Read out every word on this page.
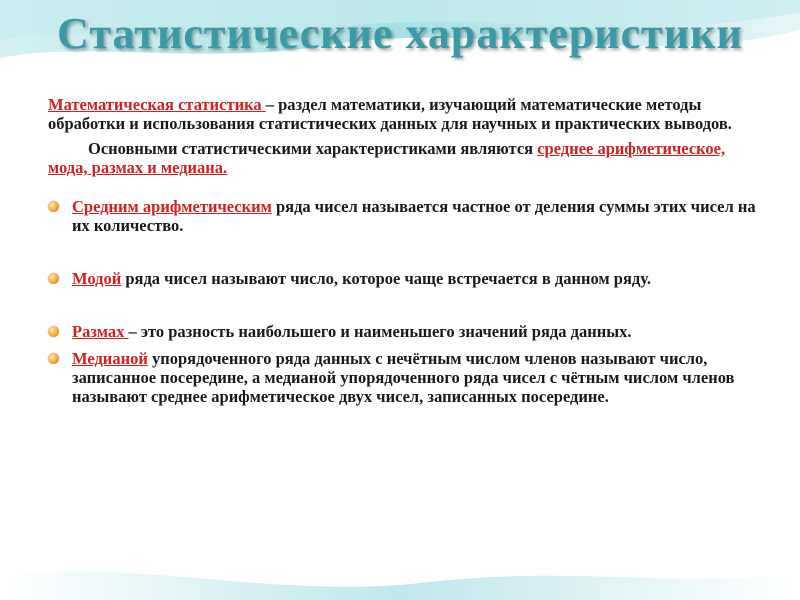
Статистические характеристики

Математическая статистика – раздел математики, изучающий математические методы обработки и использования статистических данных для научных и практических выводов.

Основными статистическими характеристиками являются среднее арифметическое, мода, размах и медиана.

Средним арифметическим ряда чисел называется частное от деления суммы этих чисел на их количество.
Модой ряда чисел называют число, которое чаще встречается в данном ряду.
Размах – это разность наибольшего и наименьшего значений ряда данных.
Медианой упорядоченного ряда данных с нечётным числом членов называют число, записанное посередине, а медианой упорядоченного ряда чисел с чётным числом членов называют среднее арифметическое двух чисел, записанных посередине.
